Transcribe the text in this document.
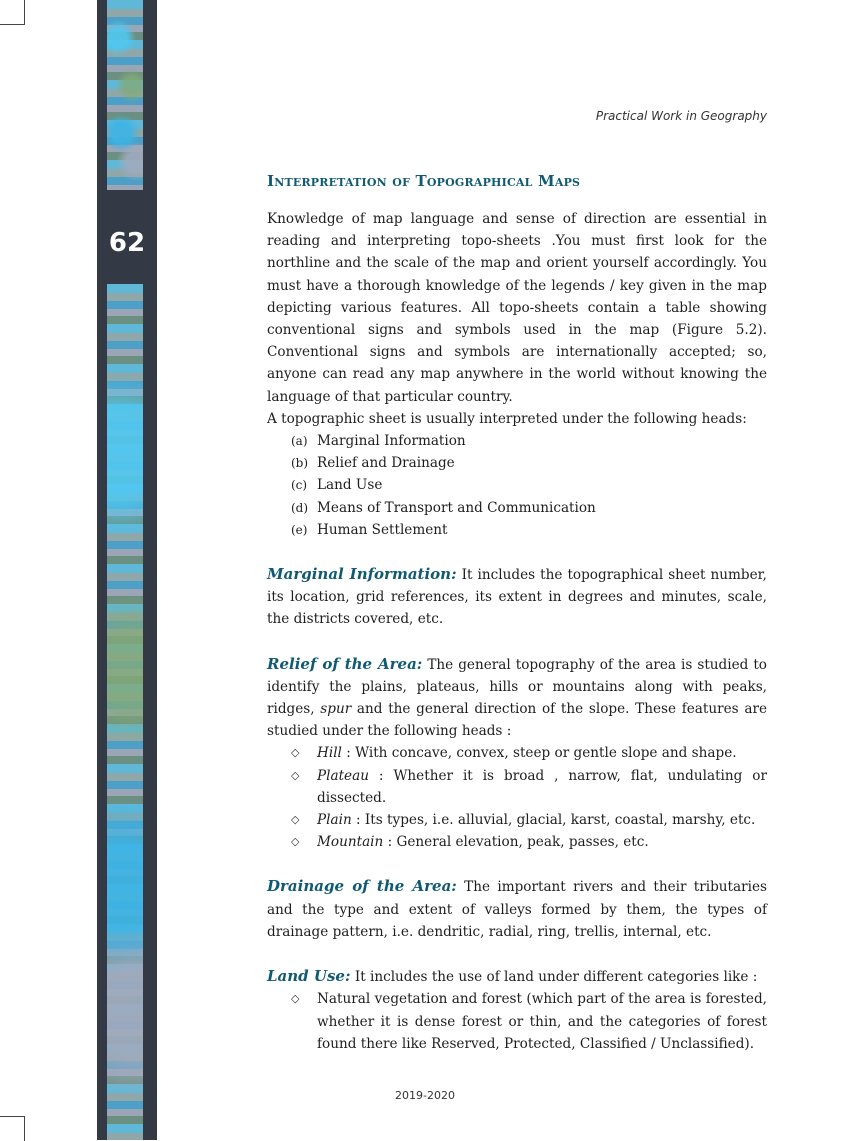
62
Practical Work in Geography
Interpretation of Topographical Maps

Knowledge of map language and sense of direction are essential in reading and interpreting topo-sheets .You must first look for the northline and the scale of the map and orient yourself accordingly. You must have a thorough knowledge of the legends / key given in the map depicting various features. All topo-sheets contain a table showing conventional signs and symbols used in the map (Figure 5.2). Conventional signs and symbols are internationally accepted; so, anyone can read any map anywhere in the world without knowing the language of that particular country.

A topographic sheet is usually interpreted under the following heads:

(a) Marginal Information
(b) Relief and Drainage
(c) Land Use
(d) Means of Transport and Communication
(e) Human Settlement

Marginal Information: It includes the topographical sheet number, its location, grid references, its extent in degrees and minutes, scale, the districts covered, etc.

Relief of the Area: The general topography of the area is studied to identify the plains, plateaus, hills or mountains along with peaks, ridges, spur and the general direction of the slope. These features are studied under the following heads :

◇ Hill : With concave, convex, steep or gentle slope and shape.
◇ Plateau : Whether it is broad , narrow, flat, undulating or dissected.
◇ Plain : Its types, i.e. alluvial, glacial, karst, coastal, marshy, etc.
◇ Mountain : General elevation, peak, passes, etc.

Drainage of the Area: The important rivers and their tributaries and the type and extent of valleys formed by them, the types of drainage pattern, i.e. dendritic, radial, ring, trellis, internal, etc.

Land Use: It includes the use of land under different categories like :

◇ Natural vegetation and forest (which part of the area is forested, whether it is dense forest or thin, and the categories of forest found there like Reserved, Protected, Classified / Unclassified).
2019-2020
